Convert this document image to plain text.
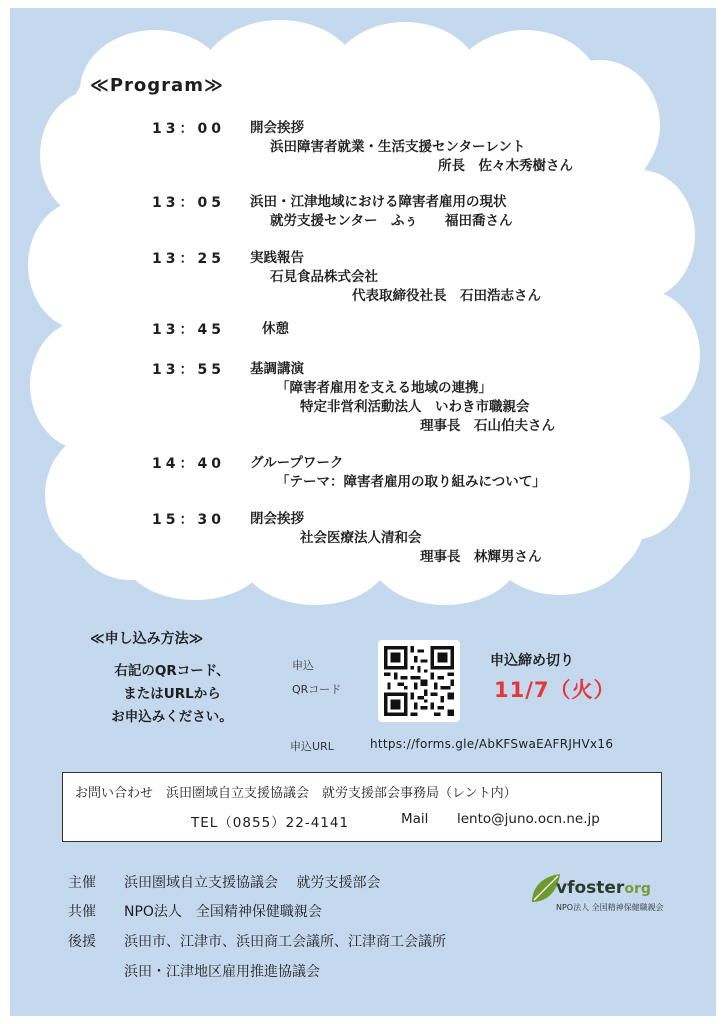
≪Program≫
13：00	開会挨拶
浜田障害者就業・生活支援センターレント
所長　佐々木秀樹さん
13：05	浜田・江津地域における障害者雇用の現状
就労支援センター　ふぅ　　福田喬さん
13：25	実践報告
石見食品株式会社
代表取締役社長　石田浩志さん
13：45	休憩
13：55	基調講演
「障害者雇用を支える地域の連携」
特定非営利活動法人　いわき市職親会
理事長　石山伯夫さん
14：40	グループワーク
「テーマ：障害者雇用の取り組みについて」
15：30	閉会挨拶
社会医療法人清和会
理事長　林輝男さん
≪申し込み方法≫
右記のQRコード、
またはURLから
お申込みください。
申込
QRコード
申込締め切り
11/7（火）
申込URL	https://forms.gle/AbKFSwaEAFRJHVx16
お問い合わせ　浜田圏域自立支援協議会　就労支援部会事務局（レント内）
TEL（0855）22-4141	Mail lento@juno.ocn.ne.jp
主催	浜田圏域自立支援協議会　 就労支援部会
共催	NPO法人　全国精神保健職親会
後援	浜田市、江津市、浜田商工会議所、江津商工会議所
浜田・江津地区雇用推進協議会
vfosterorg
NPO法人 全国精神保健職親会
